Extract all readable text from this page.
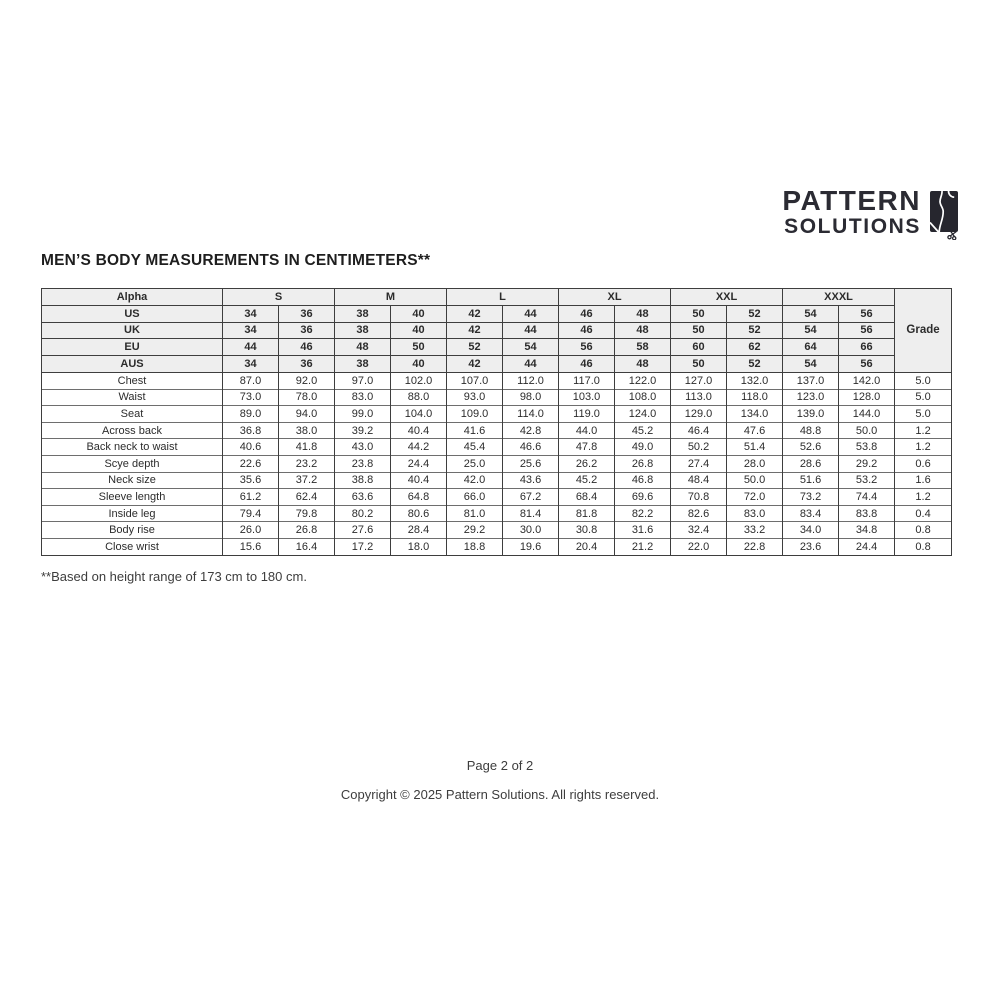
PATTERN
SOLUTIONS
MEN’S BODY MEASUREMENTS IN CENTIMETERS**
Alpha	S		M		L		XL		XXL		XXXL		Grade
US	34	36	38	40	42	44	46	48	50	52	54	56	
UK	34	36	38	40	42	44	46	48	50	52	54	56	
EU	44	46	48	50	52	54	56	58	60	62	64	66	
AUS	34	36	38	40	42	44	46	48	50	52	54	56	
Chest	87.0	92.0	97.0	102.0	107.0	112.0	117.0	122.0	127.0	132.0	137.0	142.0	5.0
Waist	73.0	78.0	83.0	88.0	93.0	98.0	103.0	108.0	113.0	118.0	123.0	128.0	5.0
Seat	89.0	94.0	99.0	104.0	109.0	114.0	119.0	124.0	129.0	134.0	139.0	144.0	5.0
Across back	36.8	38.0	39.2	40.4	41.6	42.8	44.0	45.2	46.4	47.6	48.8	50.0	1.2
Back neck to waist	40.6	41.8	43.0	44.2	45.4	46.6	47.8	49.0	50.2	51.4	52.6	53.8	1.2
Scye depth	22.6	23.2	23.8	24.4	25.0	25.6	26.2	26.8	27.4	28.0	28.6	29.2	0.6
Neck size	35.6	37.2	38.8	40.4	42.0	43.6	45.2	46.8	48.4	50.0	51.6	53.2	1.6
Sleeve length	61.2	62.4	63.6	64.8	66.0	67.2	68.4	69.6	70.8	72.0	73.2	74.4	1.2
Inside leg	79.4	79.8	80.2	80.6	81.0	81.4	81.8	82.2	82.6	83.0	83.4	83.8	0.4
Body rise	26.0	26.8	27.6	28.4	29.2	30.0	30.8	31.6	32.4	33.2	34.0	34.8	0.8
Close wrist	15.6	16.4	17.2	18.0	18.8	19.6	20.4	21.2	22.0	22.8	23.6	24.4	0.8
**Based on height range of 173 cm to 180 cm.
Page 2 of 2
Copyright © 2025 Pattern Solutions. All rights reserved.
